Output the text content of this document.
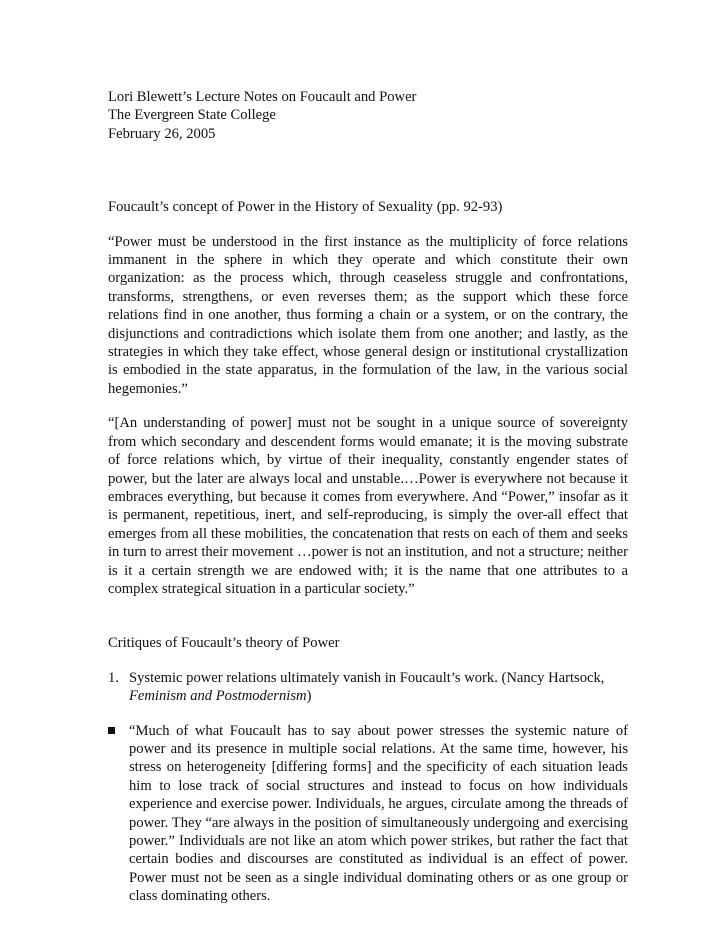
Lori Blewett’s Lecture Notes on Foucault and Power

The Evergreen State College

February 26, 2005

Foucault’s concept of Power in the History of Sexuality (pp. 92-93)

“Power must be understood in the first instance as the multiplicity of force relations immanent in the sphere in which they operate and which constitute their own organization: as the process which, through ceaseless struggle and confrontations, transforms, strengthens, or even reverses them; as the support which these force relations find in one another, thus forming a chain or a system, or on the contrary, the disjunctions and contradictions which isolate them from one another; and lastly, as the strategies in which they take effect, whose general design or institutional crystallization is embodied in the state apparatus, in the formulation of the law, in the various social hegemonies.”

“[An understanding of power] must not be sought in a unique source of sovereignty from which secondary and descendent forms would emanate; it is the moving substrate of force relations which, by virtue of their inequality, constantly engender states of power, but the later are always local and unstable.…Power is everywhere not because it embraces everything, but because it comes from everywhere. And “Power,” insofar as it is permanent, repetitious, inert, and self-reproducing, is simply the over-all effect that emerges from all these mobilities, the concatenation that rests on each of them and seeks in turn to arrest their movement …power is not an institution, and not a structure; neither is it a certain strength we are endowed with; it is the name that one attributes to a complex strategical situation in a particular society.”

Critiques of Foucault’s theory of Power

1. Systemic power relations ultimately vanish in Foucault’s work. (Nancy Hartsock, Feminism and Postmodernism)
“Much of what Foucault has to say about power stresses the systemic nature of power and its presence in multiple social relations. At the same time, however, his stress on heterogeneity [differing forms] and the specificity of each situation leads him to lose track of social structures and instead to focus on how individuals experience and exercise power. Individuals, he argues, circulate among the threads of power. They “are always in the position of simultaneously undergoing and exercising power.” Individuals are not like an atom which power strikes, but rather the fact that certain bodies and discourses are constituted as individual is an effect of power. Power must not be seen as a single individual dominating others or as one group or class dominating others.
